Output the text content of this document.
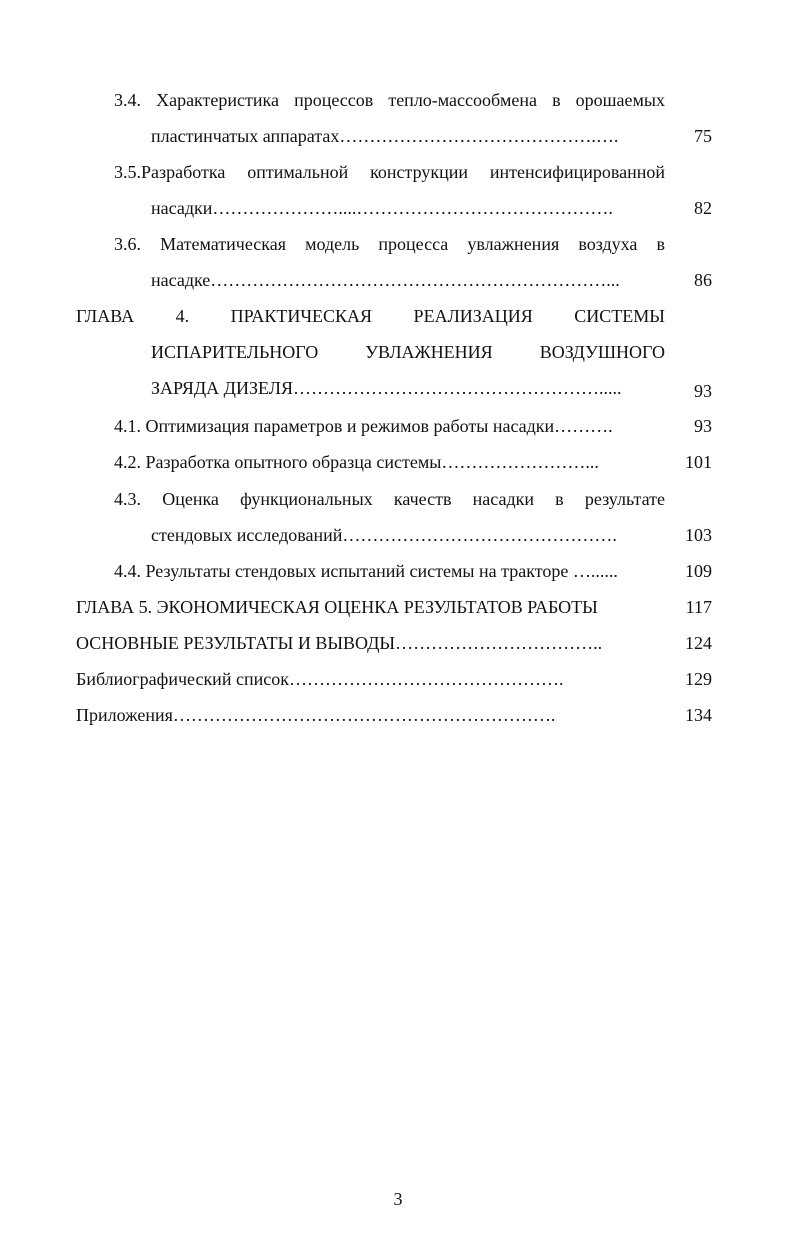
3.4. Характеристика процессов тепло-массообмена в орошаемых
пластинчатых аппаратах…………………………………….….	75
3.5.Разработка оптимальной конструкции интенсифицированной
насадки…………………....…………………………………….	82
3.6. Математическая модель процесса увлажнения воздуха в
насадке…………………………………………………………...	86
ГЛАВА 4. ПРАКТИЧЕСКАЯ РЕАЛИЗАЦИЯ СИСТЕМЫ
ИСПАРИТЕЛЬНОГО УВЛАЖНЕНИЯ ВОЗДУШНОГО
ЗАРЯДА ДИЗЕЛЯ…………………………………………….....	93
4.1. Оптимизация параметров и режимов работы насадки……….	93
4.2. Разработка опытного образца системы……………………...	101
4.3. Оценка функциональных качеств насадки в результате
стендовых исследований……………………………………….	103
4.4. Результаты стендовых испытаний системы на тракторе …......	109
ГЛАВА 5. ЭКОНОМИЧЕСКАЯ ОЦЕНКА РЕЗУЛЬТАТОВ РАБОТЫ	117
ОСНОВНЫЕ РЕЗУЛЬТАТЫ И ВЫВОДЫ……………………………..	124
Библиографический список……………………………………….	129
Приложения……………………………………………………….	134
3
